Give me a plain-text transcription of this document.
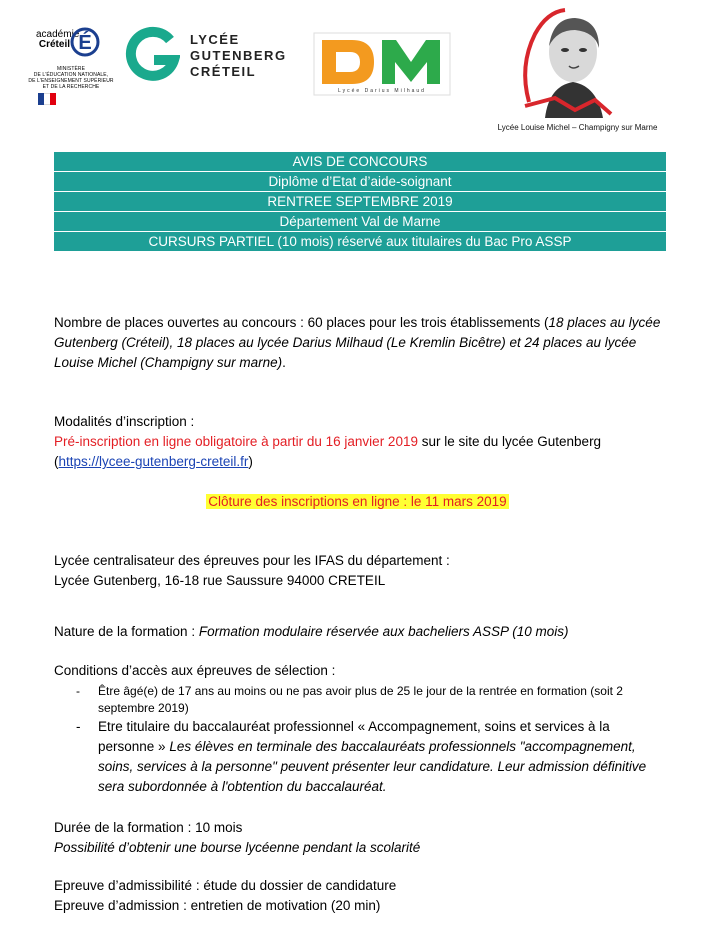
académie
Créteil É
MINISTÈRE
DE L'ÉDUCATION NATIONALE,
DE L'ENSEIGNEMENT SUPÉRIEUR
ET DE LA RECHERCHE
LYCÉE
GUTENBERG
CRÉTEIL
Lycée Darius Milhaud
Lycée Louise Michel – Champigny sur Marne
AVIS DE CONCOURS
Diplôme d’Etat d’aide-soignant
RENTREE SEPTEMBRE 2019
Département Val de Marne
CURSURS PARTIEL (10 mois) réservé aux titulaires du Bac Pro ASSP
Nombre de places ouvertes au concours : 60 places pour les trois établissements (18 places au lycée Gutenberg (Créteil), 18 places au lycée Darius Milhaud (Le Kremlin Bicêtre) et 24 places au lycée Louise Michel (Champigny sur marne).
Modalités d’inscription :
Pré-inscription en ligne obligatoire à partir du 16 janvier 2019 sur le site du lycée Gutenberg
(https://lycee-gutenberg-creteil.fr)
Clôture des inscriptions en ligne : le 11 mars 2019
Lycée centralisateur des épreuves pour les IFAS du département :
Lycée Gutenberg, 16-18 rue Saussure 94000 CRETEIL
Nature de la formation : Formation modulaire réservée aux bacheliers ASSP (10 mois)
Conditions d’accès aux épreuves de sélection :
- Être âgé(e) de 17 ans au moins ou ne pas avoir plus de 25 le jour de la rentrée en formation (soit 2 septembre 2019)
- Etre titulaire du baccalauréat professionnel « Accompagnement, soins et services à la personne » Les élèves en terminale des baccalauréats professionnels "accompagnement, soins, services à la personne" peuvent présenter leur candidature. Leur admission définitive sera subordonnée à l'obtention du baccalauréat.
Durée de la formation : 10 mois
Possibilité d’obtenir une bourse lycéenne pendant la scolarité
Epreuve d’admissibilité : étude du dossier de candidature
Epreuve d’admission : entretien de motivation (20 min)
